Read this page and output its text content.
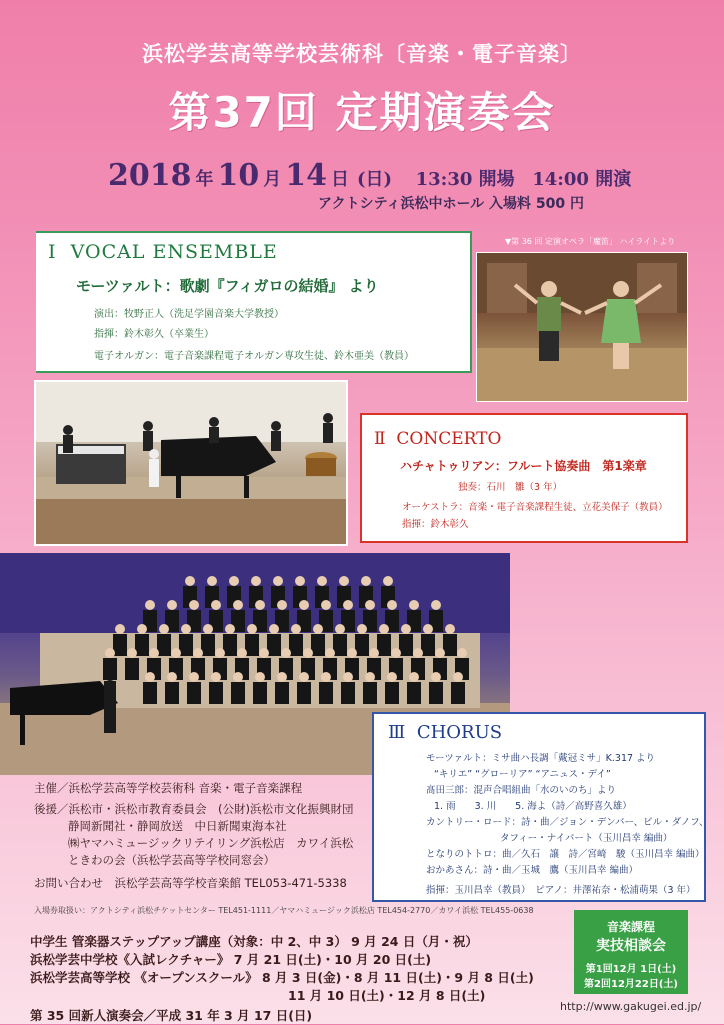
浜松学芸高等学校芸術科〔音楽・電子音楽〕
第37回 定期演奏会
2018 年 10 月 14 日 (日) 13:30 開場 14:00 開演
アクトシティ浜松中ホール 入場料 500 円
Ⅰ VOCAL ENSEMBLE
モーツァルト：歌劇『フィガロの結婚』 より
演出：牧野正人（洗足学園音楽大学教授）
指揮：鈴木彰久（卒業生）
電子オルガン：電子音楽課程電子オルガン専攻生徒、鈴木亜美（教員）
▼第 36 回 定演オペラ「魔笛」 ハイライトより
Ⅱ CONCERTO
ハチャトゥリアン：フルート協奏曲　第1楽章
独奏：石川　雛（3 年）
オーケストラ：音楽・電子音楽課程生徒、立花美保子（教員）
指揮：鈴木彰久
Ⅲ CHORUS
モーツァルト：ミサ曲ハ長調「戴冠ミサ」K.317 より
“キリエ” “グローリア” “アニュス・デイ”
髙田三郎：混声合唱組曲「水のいのち」より
1. 雨　　3. 川　　5. 海よ（詩／高野喜久雄）
カントリー・ロード：詩・曲／ジョン・デンバー、ビル・ダノフ、
タフィー・ナイバート（玉川昌幸 編曲）
となりのトトロ：曲／久石　譲　詩／宮崎　駿（玉川昌幸 編曲）
おかあさん：詩・曲／玉城　鷹（玉川昌幸 編曲）
指揮：玉川昌幸（教員）　ピアノ：井澤祐奈・松浦萌果（3 年）
主催／浜松学芸高等学校芸術科 音楽・電子音楽課程
後援／浜松市・浜松市教育委員会　(公財)浜松市文化振興財団
静岡新聞社・静岡放送　中日新聞東海本社
㈱ヤマハミュージックリテイリング浜松店　カワイ浜松
ときわの会（浜松学芸高等学校同窓会）
お問い合わせ　浜松学芸高等学校音楽館 TEL053-471-5338
入場券取扱い：アクトシティ浜松チケットセンター TEL451-1111／ヤマハミュージック浜松店 TEL454-2770／カワイ浜松 TEL455-0638
中学生 管楽器ステップアップ講座（対象：中 2、中 3） 9 月 24 日（月・祝）
浜松学芸中学校《入試レクチャー》 7 月 21 日(土)・10 月 20 日(土)
浜松学芸高等学校 《オープンスクール》 8 月 3 日(金)・8 月 11 日(土)・9 月 8 日(土)
11 月 10 日(土)・12 月 8 日(土)
第 35 回新人演奏会／平成 31 年 3 月 17 日(日)
音楽課程
実技相談会
第1回12月 1日(土)
第2回12月22日(土)
http://www.gakugei.ed.jp/
